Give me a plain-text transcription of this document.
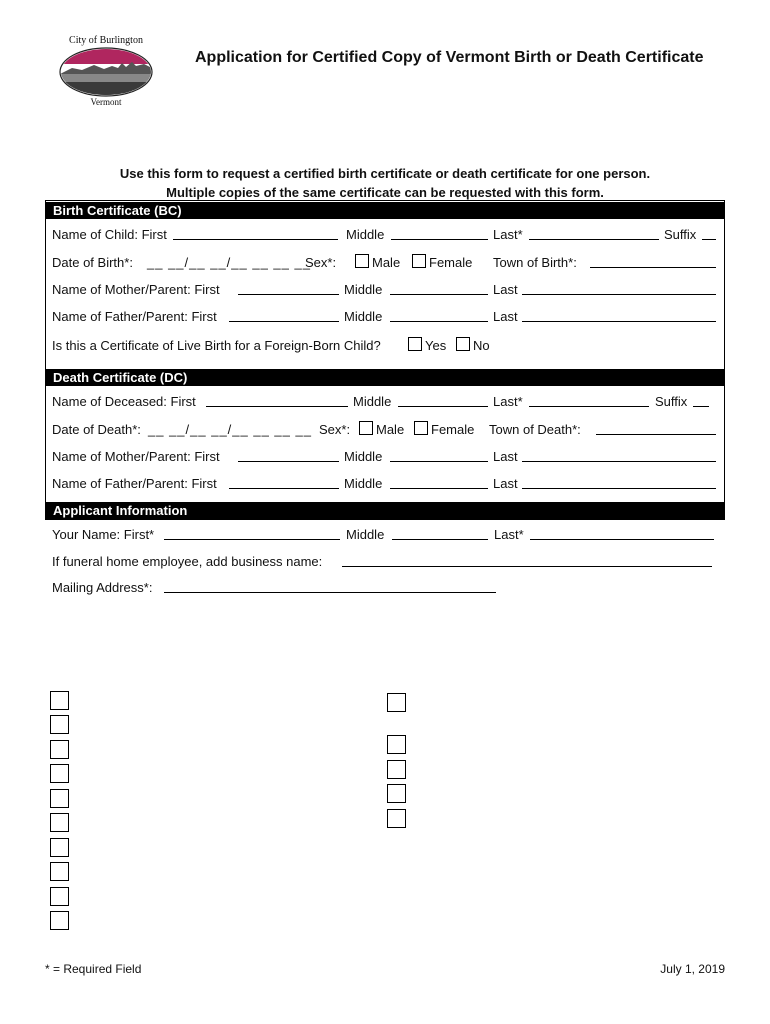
City of Burlington
Vermont
Application for Certified Copy of Vermont Birth or Death Certificate
Use this form to request a certified birth certificate or death certificate for one person.
Multiple copies of the same certificate can be requested with this form.
Birth Certificate (BC)
Name of Child: First	Middle	Last*	Suffix
Date of Birth*: __ __/__ __/__ __ __ __
Sex*:	Male Female Town of Birth*:
Name of Mother/Parent: First	Middle	Last
Name of Father/Parent: First	Middle	Last
Is this a Certificate of Live Birth for a Foreign-Born Child?	Yes No
Death Certificate (DC)
Name of Deceased: First	Middle	Last*	Suffix
Date of Death*: __ __/__ __/__ __ __ __ Sex*: Male Female Town of Death*:
Name of Mother/Parent: First	Middle	Last
Name of Father/Parent: First	Middle	Last
Applicant Information
Your Name: First*	Middle	Last*
If funeral home employee, add business name:
Mailing Address*:
* = Required Field	July 1, 2019
